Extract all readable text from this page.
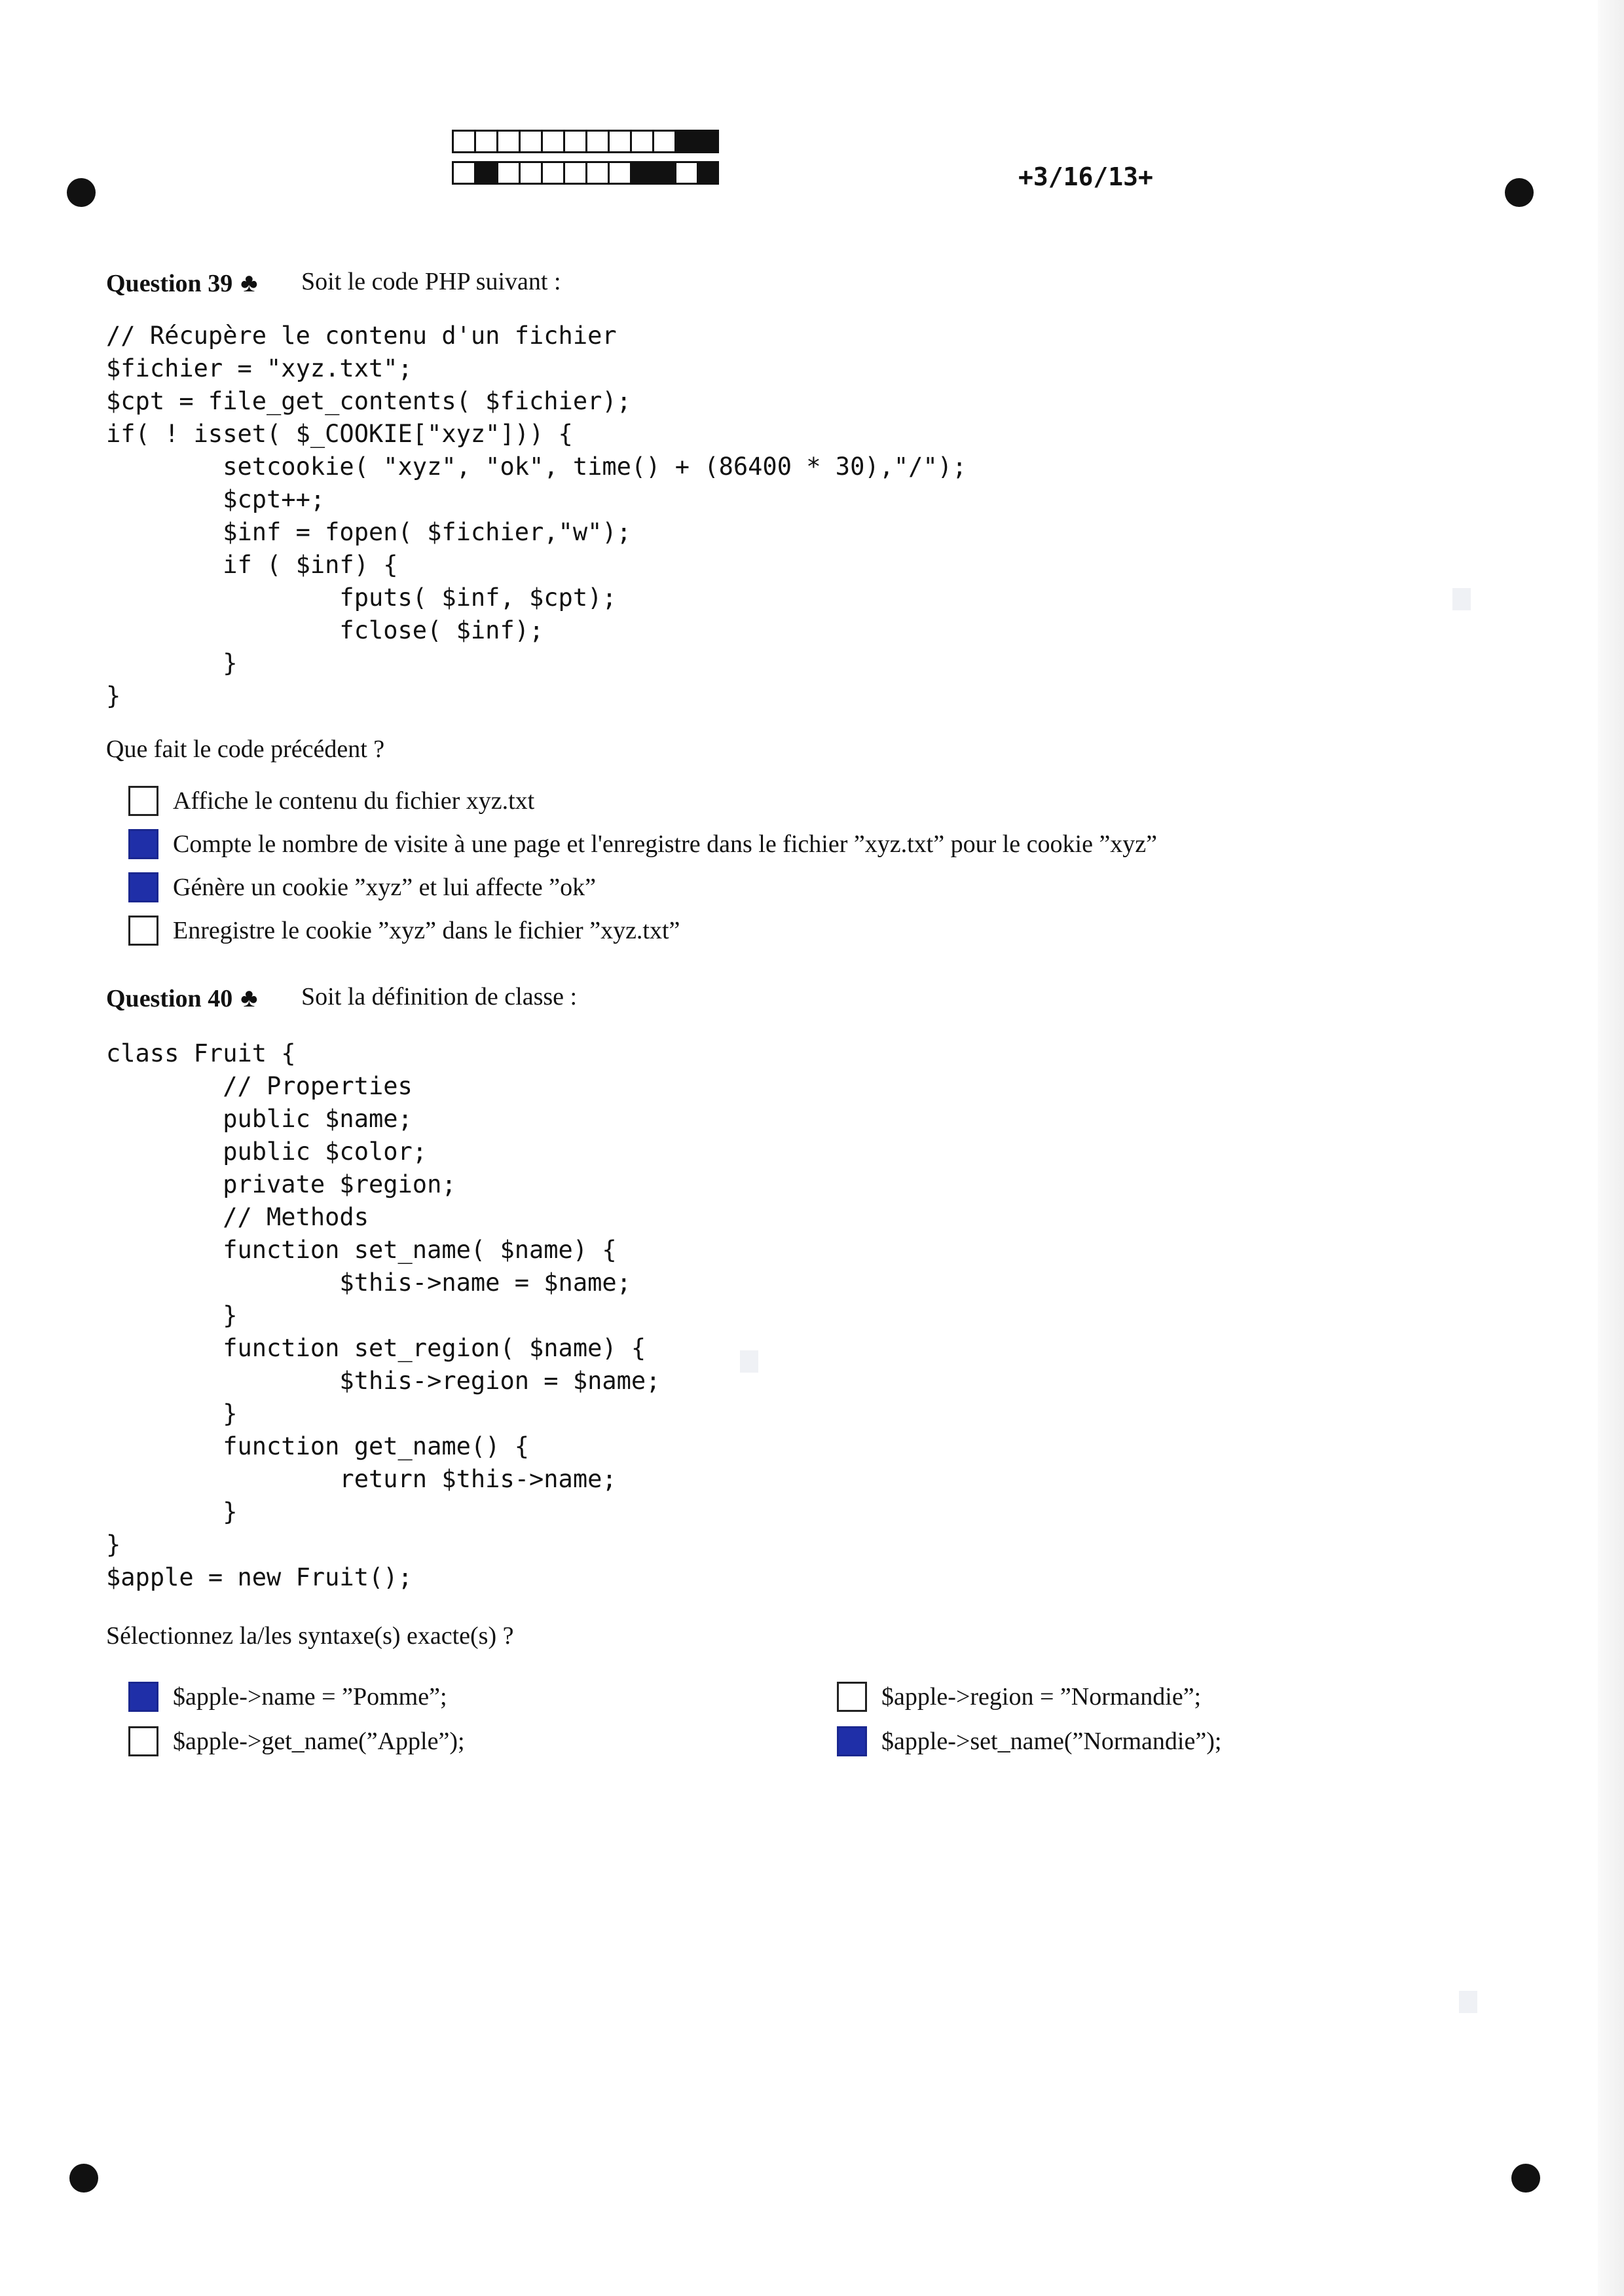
+3/16/13+
Question 39 ♣ Soit le code PHP suivant :
// Récupère le contenu d'un fichier
$fichier = "xyz.txt";
$cpt = file_get_contents( $fichier);
if( ! isset( $_COOKIE["xyz"])) {
setcookie( "xyz", "ok", time() + (86400 * 30),"/");
$cpt++;
$inf = fopen( $fichier,"w");
if ( $inf) {
fputs( $inf, $cpt);
fclose( $inf);
}
}
Que fait le code précédent ?
Affiche le contenu du fichier xyz.txt
Compte le nombre de visite à une page et l'enregistre dans le fichier ”xyz.txt” pour le cookie ”xyz”
Génère un cookie ”xyz” et lui affecte ”ok”
Enregistre le cookie ”xyz” dans le fichier ”xyz.txt”
Question 40 ♣ Soit la définition de classe :
class Fruit {
// Properties
public $name;
public $color;
private $region;
// Methods
function set_name( $name) {
$this->name = $name;
}
function set_region( $name) {
$this->region = $name;
}
function get_name() {
return $this->name;
}
}
$apple = new Fruit();
Sélectionnez la/les syntaxe(s) exacte(s) ?
$apple->name = ”Pomme”;	$apple->region = ”Normandie”;
$apple->get_name(”Apple”);	$apple->set_name(”Normandie”);
